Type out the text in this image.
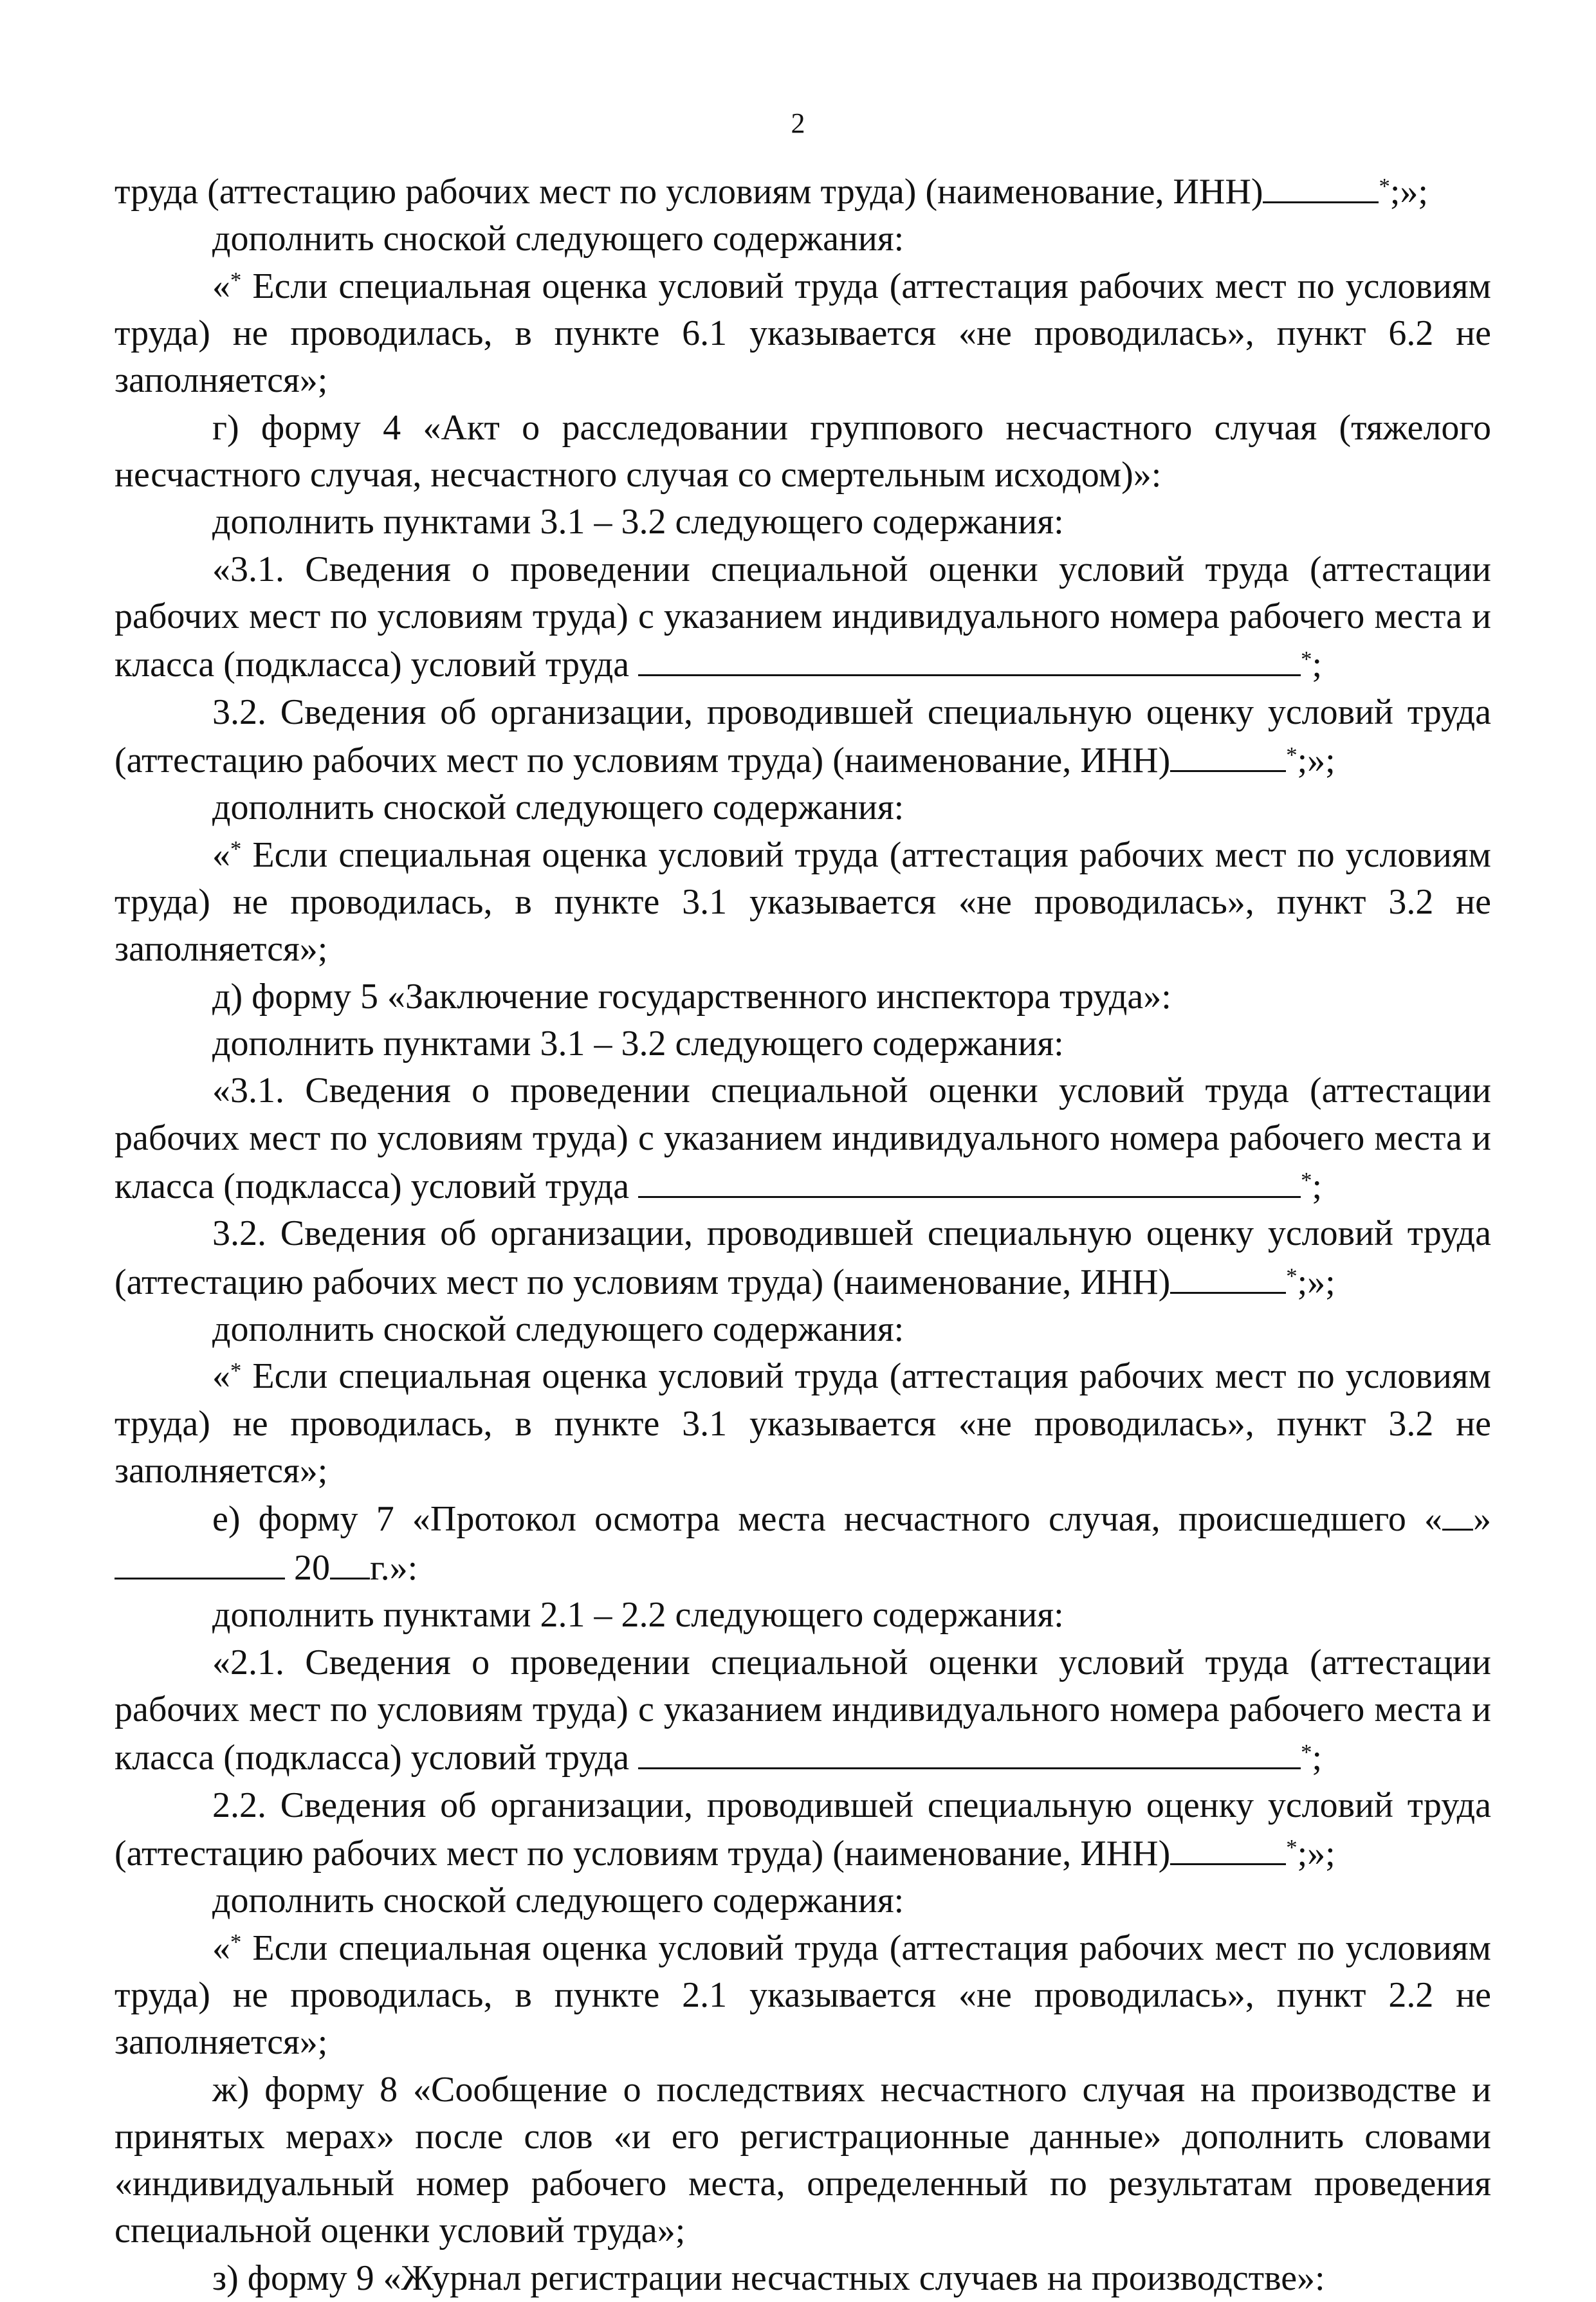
2

труда (аттестацию рабочих мест по условиям труда) (наименование, ИНН)	*;»;

дополнить сноской следующего содержания:

«* Если специальная оценка условий труда (аттестация рабочих мест по условиям труда) не проводилась, в пункте 6.1 указывается «не проводилась», пункт 6.2 не заполняется»;

г) форму 4 «Акт о расследовании группового несчастного случая (тяжелого несчастного случая, несчастного случая со смертельным исходом)»:

дополнить пунктами 3.1 – 3.2 следующего содержания:

«3.1. Сведения о проведении специальной оценки условий труда (аттестации рабочих мест по условиям труда) с указанием индивидуального номера рабочего места и класса (подкласса) условий труда	*;

3.2. Сведения об организации, проводившей специальную оценку условий труда (аттестацию рабочих мест по условиям труда) (наименование, ИНН)	*;»;

дополнить сноской следующего содержания:

«* Если специальная оценка условий труда (аттестация рабочих мест по условиям труда) не проводилась, в пункте 3.1 указывается «не проводилась», пункт 3.2 не заполняется»;

д) форму 5 «Заключение государственного инспектора труда»:

дополнить пунктами 3.1 – 3.2 следующего содержания:

«3.1. Сведения о проведении специальной оценки условий труда (аттестации рабочих мест по условиям труда) с указанием индивидуального номера рабочего места и класса (подкласса) условий труда	*;

3.2. Сведения об организации, проводившей специальную оценку условий труда (аттестацию рабочих мест по условиям труда) (наименование, ИНН)	*;»;

дополнить сноской следующего содержания:

«* Если специальная оценка условий труда (аттестация рабочих мест по условиям труда) не проводилась, в пункте 3.1 указывается «не проводилась», пункт 3.2 не заполняется»;

е) форму 7 «Протокол осмотра места несчастного случая, происшедшего « »  20 г.»:

дополнить пунктами 2.1 – 2.2 следующего содержания:

«2.1. Сведения о проведении специальной оценки условий труда (аттестации рабочих мест по условиям труда) с указанием индивидуального номера рабочего места и класса (подкласса) условий труда	*;

2.2. Сведения об организации, проводившей специальную оценку условий труда (аттестацию рабочих мест по условиям труда) (наименование, ИНН)	*;»;

дополнить сноской следующего содержания:

«* Если специальная оценка условий труда (аттестация рабочих мест по условиям труда) не проводилась, в пункте 2.1 указывается «не проводилась», пункт 2.2 не заполняется»;

ж) форму 8 «Сообщение о последствиях несчастного случая на производстве и принятых мерах» после слов «и его регистрационные данные» дополнить словами «индивидуальный номер рабочего места, определенный по результатам проведения специальной оценки условий труда»;

з) форму 9 «Журнал регистрации несчастных случаев на производстве»:
